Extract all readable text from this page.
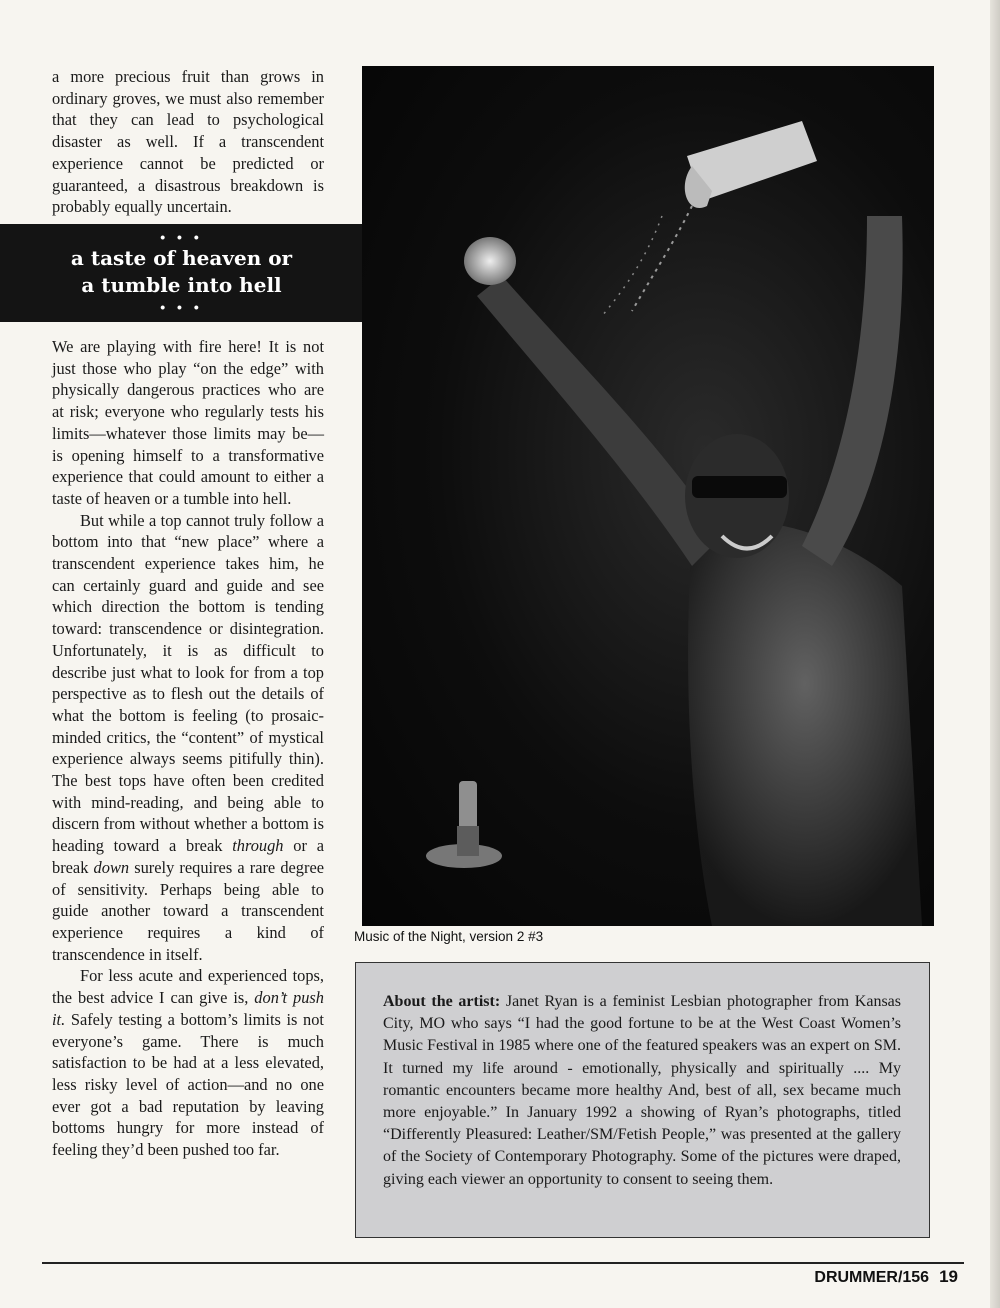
a more precious fruit than grows in ordinary groves, we must also remember that they can lead to psychological disaster as well. If a transcendent experience cannot be predicted or guaranteed, a disastrous breakdown is probably equally uncertain.

• • •
a taste of heaven or
a tumble into hell
• • •

We are playing with fire here! It is not just those who play “on the edge” with physically dangerous practices who are at risk; everyone who regularly tests his limits—whatever those limits may be—is opening himself to a transformative experience that could amount to either a taste of heaven or a tumble into hell.

But while a top cannot truly follow a bottom into that “new place” where a transcendent experience takes him, he can certainly guard and guide and see which direction the bottom is tending toward: transcendence or disintegration. Unfortunately, it is as difficult to describe just what to look for from a top perspective as to flesh out the details of what the bottom is feeling (to prosaic-minded critics, the “content” of mystical experience always seems pitifully thin). The best tops have often been credited with mind-reading, and being able to discern from without whether a bottom is heading toward a break through or a break down surely requires a rare degree of sensitivity. Perhaps being able to guide another toward a transcendent experience requires a kind of transcendence in itself.

For less acute and experienced tops, the best advice I can give is, don’t push it. Safely testing a bottom’s limits is not everyone’s game. There is much satisfaction to be had at a less elevated, less risky level of action—and no one ever got a bad reputation by leaving bottoms hungry for more instead of feeling they’d been pushed too far.

Music of the Night, version 2 #3
About the artist: Janet Ryan is a feminist Lesbian photographer from Kansas City, MO who says “I had the good fortune to be at the West Coast Women’s Music Festival in 1985 where one of the featured speakers was an expert on SM. It turned my life around - emotionally, physically and spiritually .... My romantic encounters became more healthy And, best of all, sex became much more enjoyable.” In January 1992 a showing of Ryan’s photographs, titled “Differently Pleasured: Leather/SM/Fetish People,” was presented at the gallery of the Society of Contemporary Photography. Some of the pictures were draped, giving each viewer an opportunity to consent to seeing them.
DRUMMER/156 19
